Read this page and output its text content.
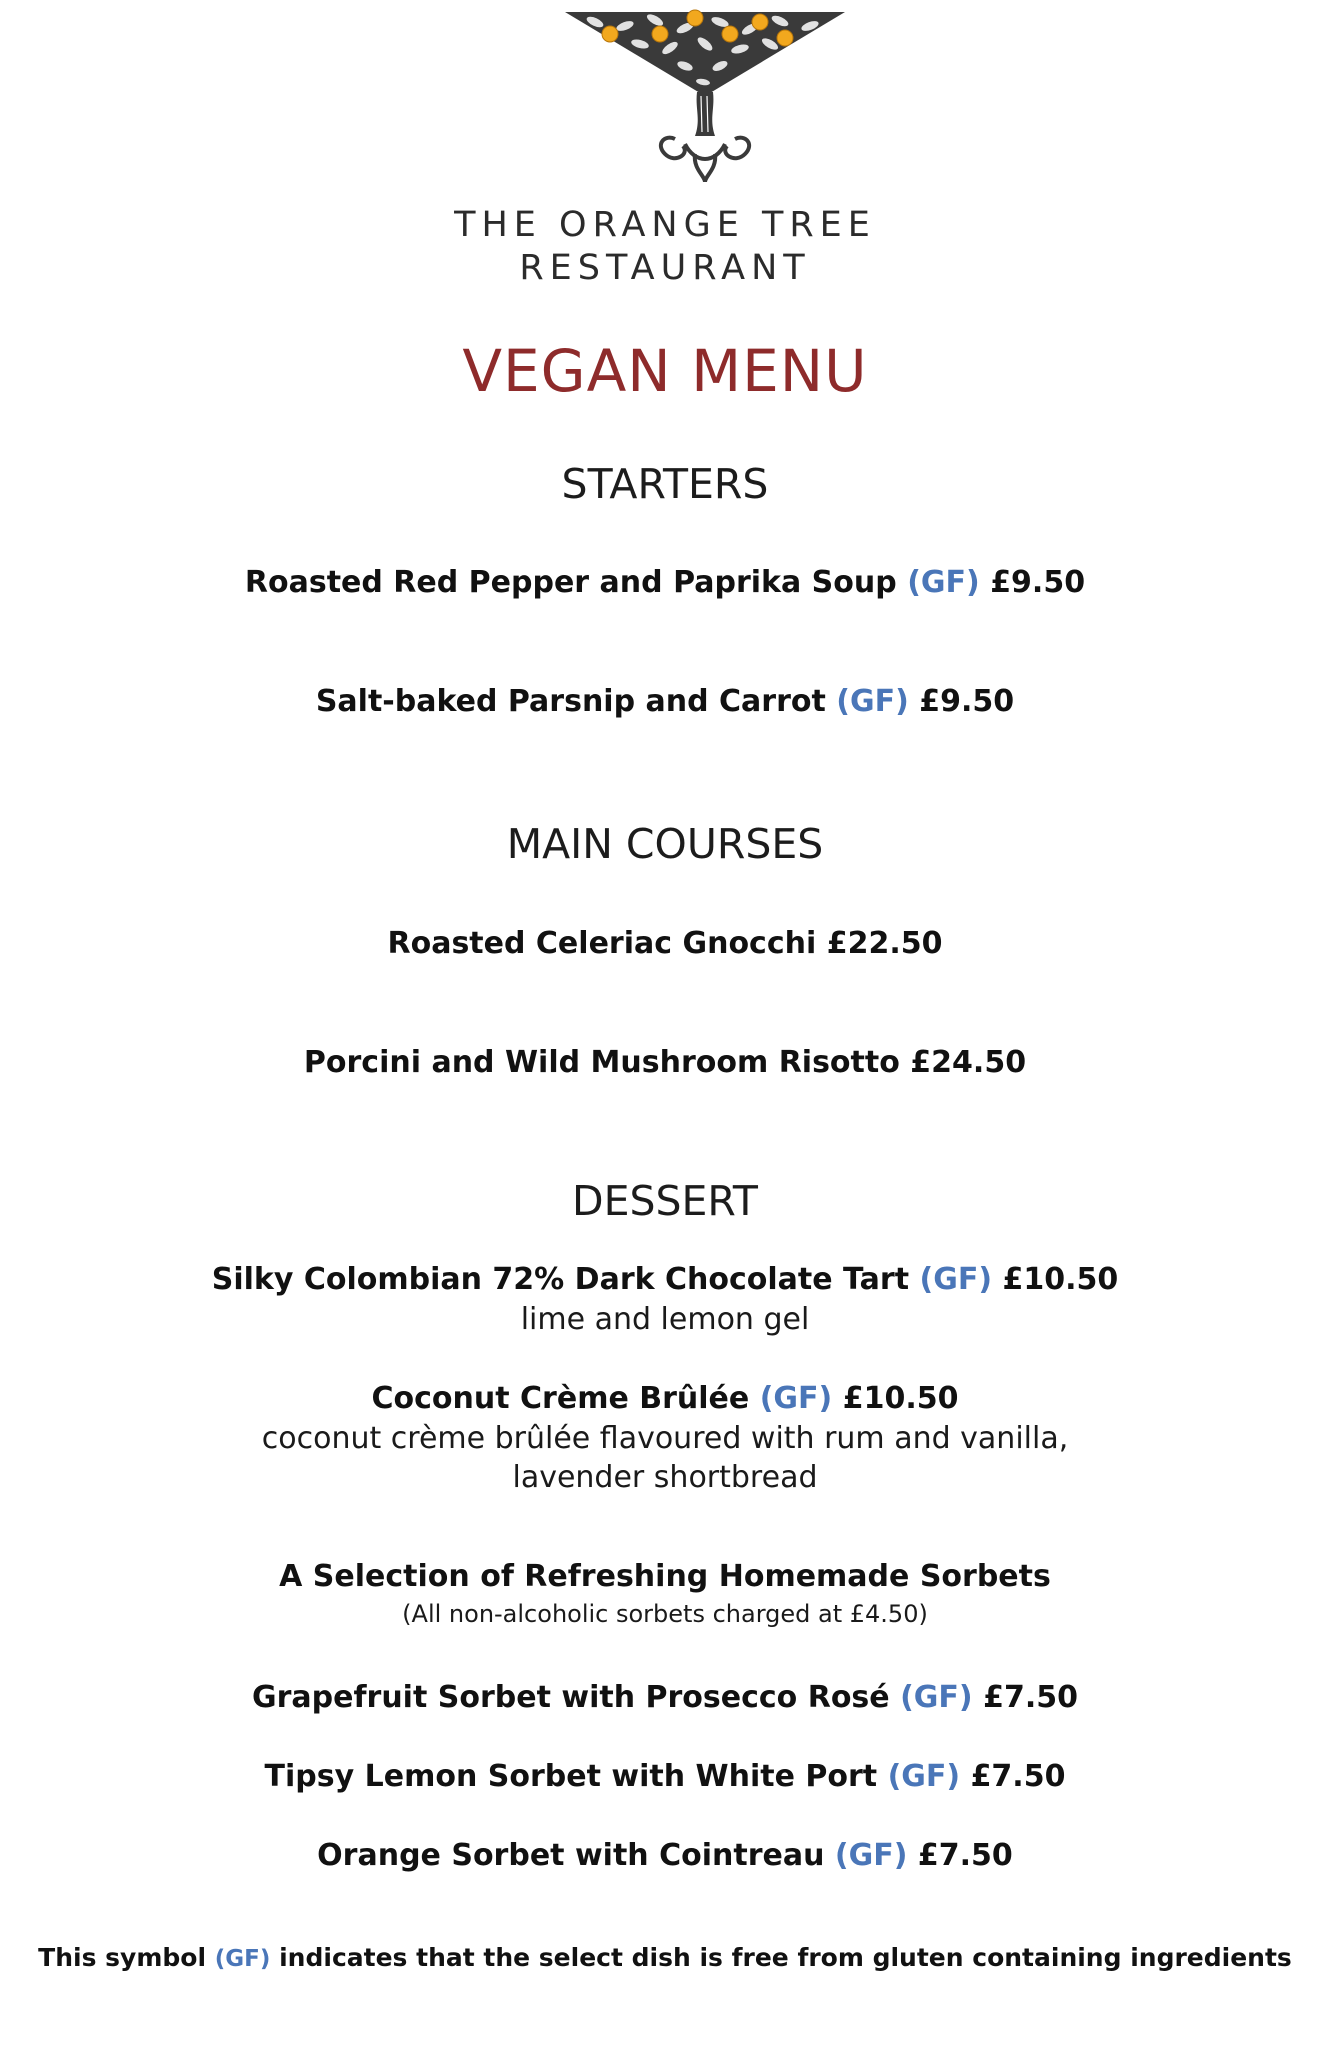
THE ORANGE TREE
RESTAURANT
VEGAN MENU
STARTERS
Roasted Red Pepper and Paprika Soup (GF) £9.50
Salt-baked Parsnip and Carrot (GF) £9.50
MAIN COURSES
Roasted Celeriac Gnocchi £22.50
Porcini and Wild Mushroom Risotto £24.50
DESSERT
Silky Colombian 72% Dark Chocolate Tart (GF) £10.50
lime and lemon gel
Coconut Crème Brûlée (GF) £10.50
coconut crème brûlée flavoured with rum and vanilla,
lavender shortbread
A Selection of Refreshing Homemade Sorbets
(All non-alcoholic sorbets charged at £4.50)
Grapefruit Sorbet with Prosecco Rosé (GF) £7.50
Tipsy Lemon Sorbet with White Port (GF) £7.50
Orange Sorbet with Cointreau (GF) £7.50
This symbol (GF) indicates that the select dish is free from gluten containing ingredients
